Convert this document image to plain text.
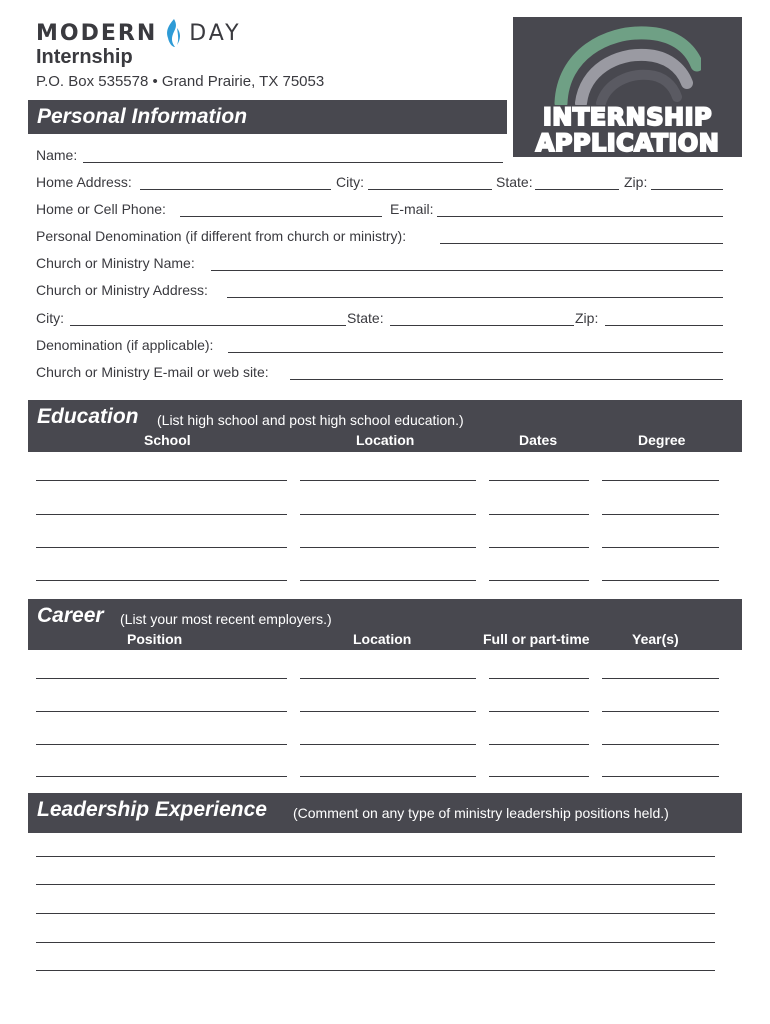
MODERN DAY
Internship
P.O. Box 535578 • Grand Prairie, TX 75053
INTERNSHIP
APPLICATION
Personal Information
Name:
Home Address:	City:	State:	Zip:
Home or Cell Phone:	E-mail:
Personal Denomination (if different from church or ministry):
Church or Ministry Name:
Church or Ministry Address:
City:	State:	Zip:
Denomination (if applicable):
Church or Ministry E-mail or web site:
Education (List high school and post high school education.)
School	Location	Dates	Degree
Career (List your most recent employers.)
Position	Location	Full or part-time	Year(s)
Leadership Experience (Comment on any type of ministry leadership positions held.)
